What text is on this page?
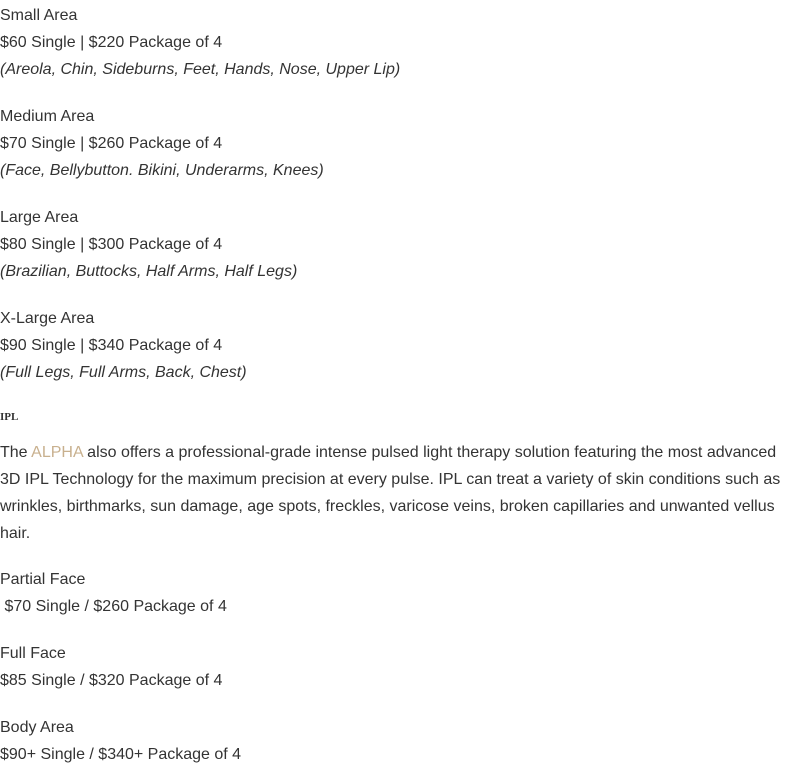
Small Area
$60 Single | $220 Package of 4
(Areola, Chin, Sideburns, Feet, Hands, Nose, Upper Lip)
Medium Area
$70 Single | $260 Package of 4
(Face, Bellybutton. Bikini, Underarms, Knees)
Large Area
$80 Single | $300 Package of 4
(Brazilian, Buttocks, Half Arms, Half Legs)
X-Large Area
$90 Single | $340 Package of 4
(Full Legs, Full Arms, Back, Chest)
IPL
The ALPHA also offers a professional-grade intense pulsed light therapy solution featuring the most advanced 3D IPL Technology for the maximum precision at every pulse. IPL can treat a variety of skin conditions such as wrinkles, birthmarks, sun damage, age spots, freckles, varicose veins, broken capillaries and unwanted vellus hair.
Partial Face
$70 Single / $260 Package of 4
Full Face
$85 Single / $320 Package of 4
Body Area
$90+ Single / $340+ Package of 4
